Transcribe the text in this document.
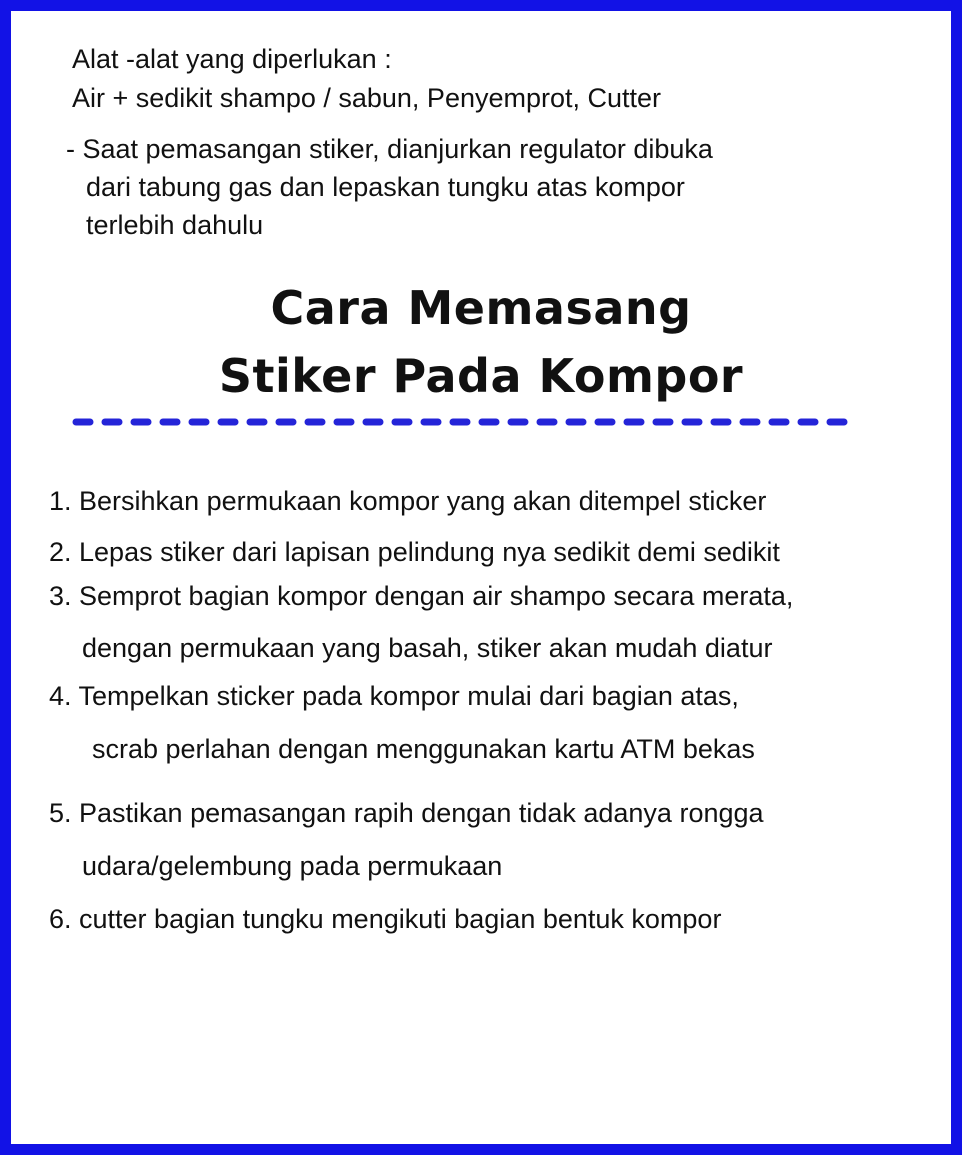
Alat -alat yang diperlukan :
Air + sedikit shampo / sabun, Penyemprot, Cutter
- Saat pemasangan stiker, dianjurkan regulator dibuka
dari tabung gas dan lepaskan tungku atas kompor
terlebih dahulu
Cara Memasang
Stiker Pada Kompor
1. Bersihkan permukaan kompor yang akan ditempel sticker
2. Lepas stiker dari lapisan pelindung nya sedikit demi sedikit
3. Semprot bagian kompor dengan air shampo secara merata,
dengan permukaan yang basah, stiker akan mudah diatur
4. Tempelkan sticker pada kompor mulai dari bagian atas,
scrab perlahan dengan menggunakan kartu ATM bekas
5. Pastikan pemasangan rapih dengan tidak adanya rongga
udara/gelembung pada permukaan
6. cutter bagian tungku mengikuti bagian bentuk kompor
